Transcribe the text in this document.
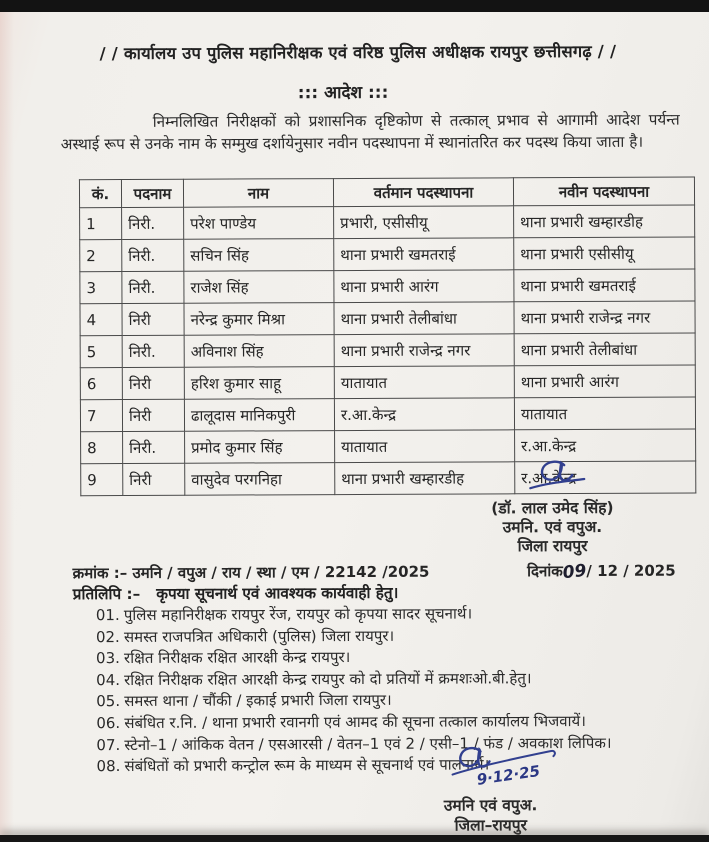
/ / कार्यालय उप पुलिस महानिरीक्षक एवं वरिष्ठ पुलिस अधीक्षक रायपुर छत्तीसगढ़ / /
::: आदेश :::
निम्नलिखित निरीक्षकों को प्रशासनिक दृष्टिकोण से तत्काल् प्रभाव से आगामी आदेश पर्यन्त अस्थाई रूप से उनके नाम के सम्मुख दर्शायेनुसार नवीन पदस्थापना में स्थानांतरित कर पदस्थ किया जाता है।
कं.	पदनाम	नाम	वर्तमान पदस्थापना	नवीन पदस्थापना
1	निरी.	परेश पाण्डेय	प्रभारी, एसीसीयू	थाना प्रभारी खम्हारडीह
2	निरी.	सचिन सिंह	थाना प्रभारी खमतराई	थाना प्रभारी एसीसीयू
3	निरी.	राजेश सिंह	थाना प्रभारी आरंग	थाना प्रभारी खमतराई
4	निरी	नरेन्द्र कुमार मिश्रा	थाना प्रभारी तेलीबांधा	थाना प्रभारी राजेन्द्र नगर
5	निरी.	अविनाश सिंह	थाना प्रभारी राजेन्द्र नगर	थाना प्रभारी तेलीबांधा
6	निरी	हरिश कुमार साहू	यातायात	थाना प्रभारी आरंग
7	निरी	ढालूदास मानिकपुरी	र.आ.केन्द्र	यातायात
8	निरी.	प्रमोद कुमार सिंह	यातायात	र.आ.केन्द्र
9	निरी	वासुदेव परगनिहा	थाना प्रभारी खम्हारडीह	र.आ.केन्द्र
(डॉ. लाल उमेद सिंह)
उमनि. एवं वपुअ.
जिला रायपुर
क्रमांक :– उमनि / वपुअ / राय / स्था / एम / 22142 /2025	दिनांक09/ 12 / 2025
प्रतिलिपि :– कृपया सूचनार्थ एवं आवश्यक कार्यवाही हेतु।
01. पुलिस महानिरीक्षक रायपुर रेंज, रायपुर को कृपया सादर सूचनार्थ।
02. समस्त राजपत्रित अधिकारी (पुलिस) जिला रायपुर।
03. रक्षित निरीक्षक रक्षित आरक्षी केन्द्र रायपुर।
04. रक्षित निरीक्षक रक्षित आरक्षी केन्द्र रायपुर को दो प्रतियों में क्रमशःओ.बी.हेतु।
05. समस्त थाना / चौंकी / इकाई प्रभारी जिला रायपुर।
06. संबंधित र.नि. / थाना प्रभारी रवानगी एवं आमद की सूचना तत्काल कार्यालय भिजवायें।
07. स्टेनो–1 / आंकिक वेतन / एसआरसी / वेतन–1 एवं 2 / एसी–1 / फंड / अवकाश लिपिक।
08. संबंधितों को प्रभारी कन्ट्रोल रूम के माध्यम से सूचनार्थ एवं पालनार्थ।
9·12·25
उमनि एवं वपुअ.
जिला–रायपुर
